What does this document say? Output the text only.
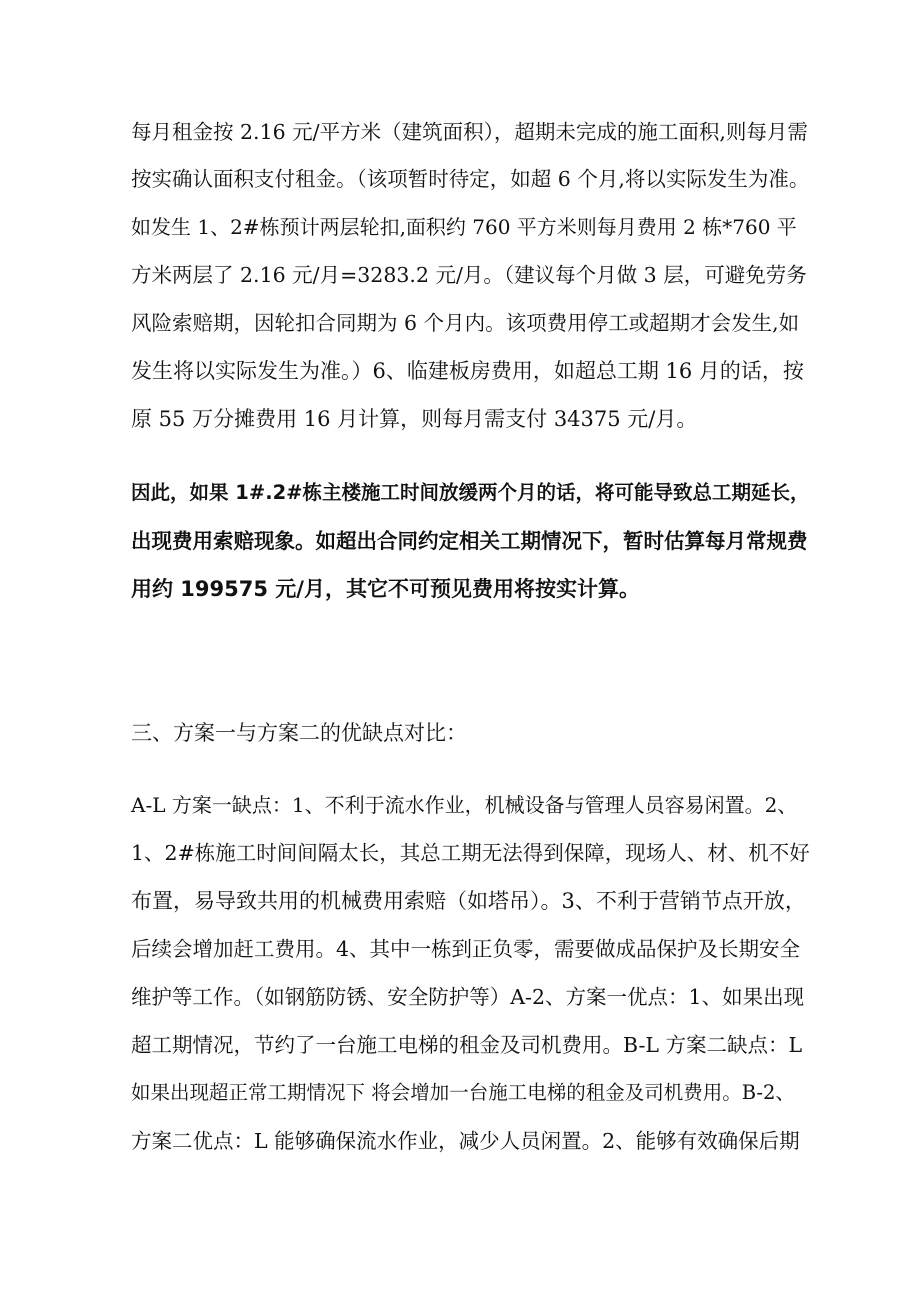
每月租金按 2.16 元/平方米（建筑面积），超期未完成的施工面积,则每月需
按实确认面积支付租金。（该项暂时待定，如超 6 个月,将以实际发生为准。
如发生 1、2#栋预计两层轮扣,面积约 760 平方米则每月费用 2 栋*760 平
方米两层了 2.16 元/月=3283.2 元/月。（建议每个月做 3 层，可避免劳务
风险索赔期，因轮扣合同期为 6 个月内。该项费用停工或超期才会发生,如
发生将以实际发生为准。）6、临建板房费用，如超总工期 16 月的话，按
原 55 万分摊费用 16 月计算，则每月需支付 34375 元/月。
因此，如果 1#.2#栋主楼施工时间放缓两个月的话，将可能导致总工期延长，
出现费用索赔现象。如超出合同约定相关工期情况下，暂时估算每月常规费
用约 199575 元/月，其它不可预见费用将按实计算。
三、方案一与方案二的优缺点对比：
A-L 方案一缺点：1、不利于流水作业，机械设备与管理人员容易闲置。2、
1、2#栋施工时间间隔太长，其总工期无法得到保障，现场人、材、机不好
布置，易导致共用的机械费用索赔（如塔吊）。3、不利于营销节点开放，
后续会增加赶工费用。4、其中一栋到正负零，需要做成品保护及长期安全
维护等工作。（如钢筋防锈、安全防护等）A-2、方案一优点：1、如果出现
超工期情况，节约了一台施工电梯的租金及司机费用。B-L 方案二缺点：L
如果出现超正常工期情况下 将会增加一台施工电梯的租金及司机费用。B-2、
方案二优点：L 能够确保流水作业，减少人员闲置。2、能够有效确保后期
